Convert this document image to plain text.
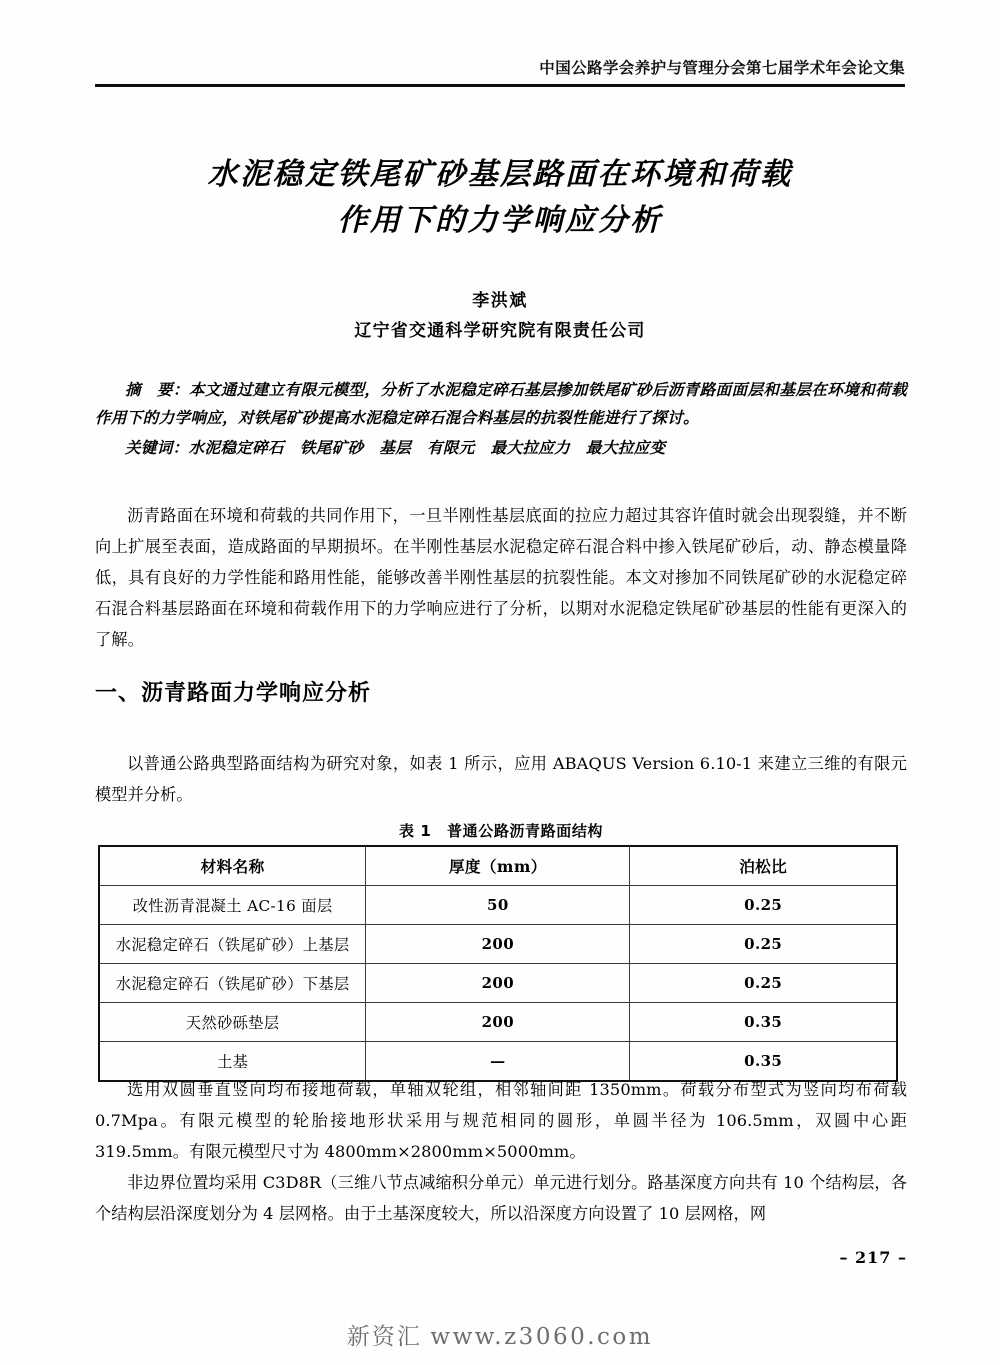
中国公路学会养护与管理分会第七届学术年会论文集
水泥稳定铁尾矿砂基层路面在环境和荷载
作用下的力学响应分析
李洪斌
辽宁省交通科学研究院有限责任公司
摘　要：本文通过建立有限元模型，分析了水泥稳定碎石基层掺加铁尾矿砂后沥青路面面层和基层在环境和荷载作用下的力学响应，对铁尾矿砂提高水泥稳定碎石混合料基层的抗裂性能进行了探讨。
关键词：水泥稳定碎石　铁尾矿砂　基层　有限元　最大拉应力　最大拉应变

沥青路面在环境和荷载的共同作用下，一旦半刚性基层底面的拉应力超过其容许值时就会出现裂缝，并不断向上扩展至表面，造成路面的早期损坏。在半刚性基层水泥稳定碎石混合料中掺入铁尾矿砂后，动、静态模量降低，具有良好的力学性能和路用性能，能够改善半刚性基层的抗裂性能。本文对掺加不同铁尾矿砂的水泥稳定碎石混合料基层路面在环境和荷载作用下的力学响应进行了分析，以期对水泥稳定铁尾矿砂基层的性能有更深入的了解。

一、沥青路面力学响应分析

以普通公路典型路面结构为研究对象，如表 1 所示，应用 ABAQUS Version 6.10-1 来建立三维的有限元模型并分析。

表 1　普通公路沥青路面结构
材料名称	厚度（mm）	泊松比
改性沥青混凝土 AC-16 面层	50	0.25
水泥稳定碎石（铁尾矿砂）上基层	200	0.25
水泥稳定碎石（铁尾矿砂）下基层	200	0.25
天然砂砾垫层	200	0.35
土基	—	0.35

选用双圆垂直竖向均布接地荷载，单轴双轮组，相邻轴间距 1350mm。荷载分布型式为竖向均布荷载 0.7Mpa。有限元模型的轮胎接地形状采用与规范相同的圆形，单圆半径为 106.5mm，双圆中心距 319.5mm。有限元模型尺寸为 4800mm×2800mm×5000mm。

非边界位置均采用 C3D8R（三维八节点减缩积分单元）单元进行划分。路基深度方向共有 10 个结构层，各个结构层沿深度划分为 4 层网格。由于土基深度较大，所以沿深度方向设置了 10 层网格，网

– 217 –
新资汇 www.z3060.com
